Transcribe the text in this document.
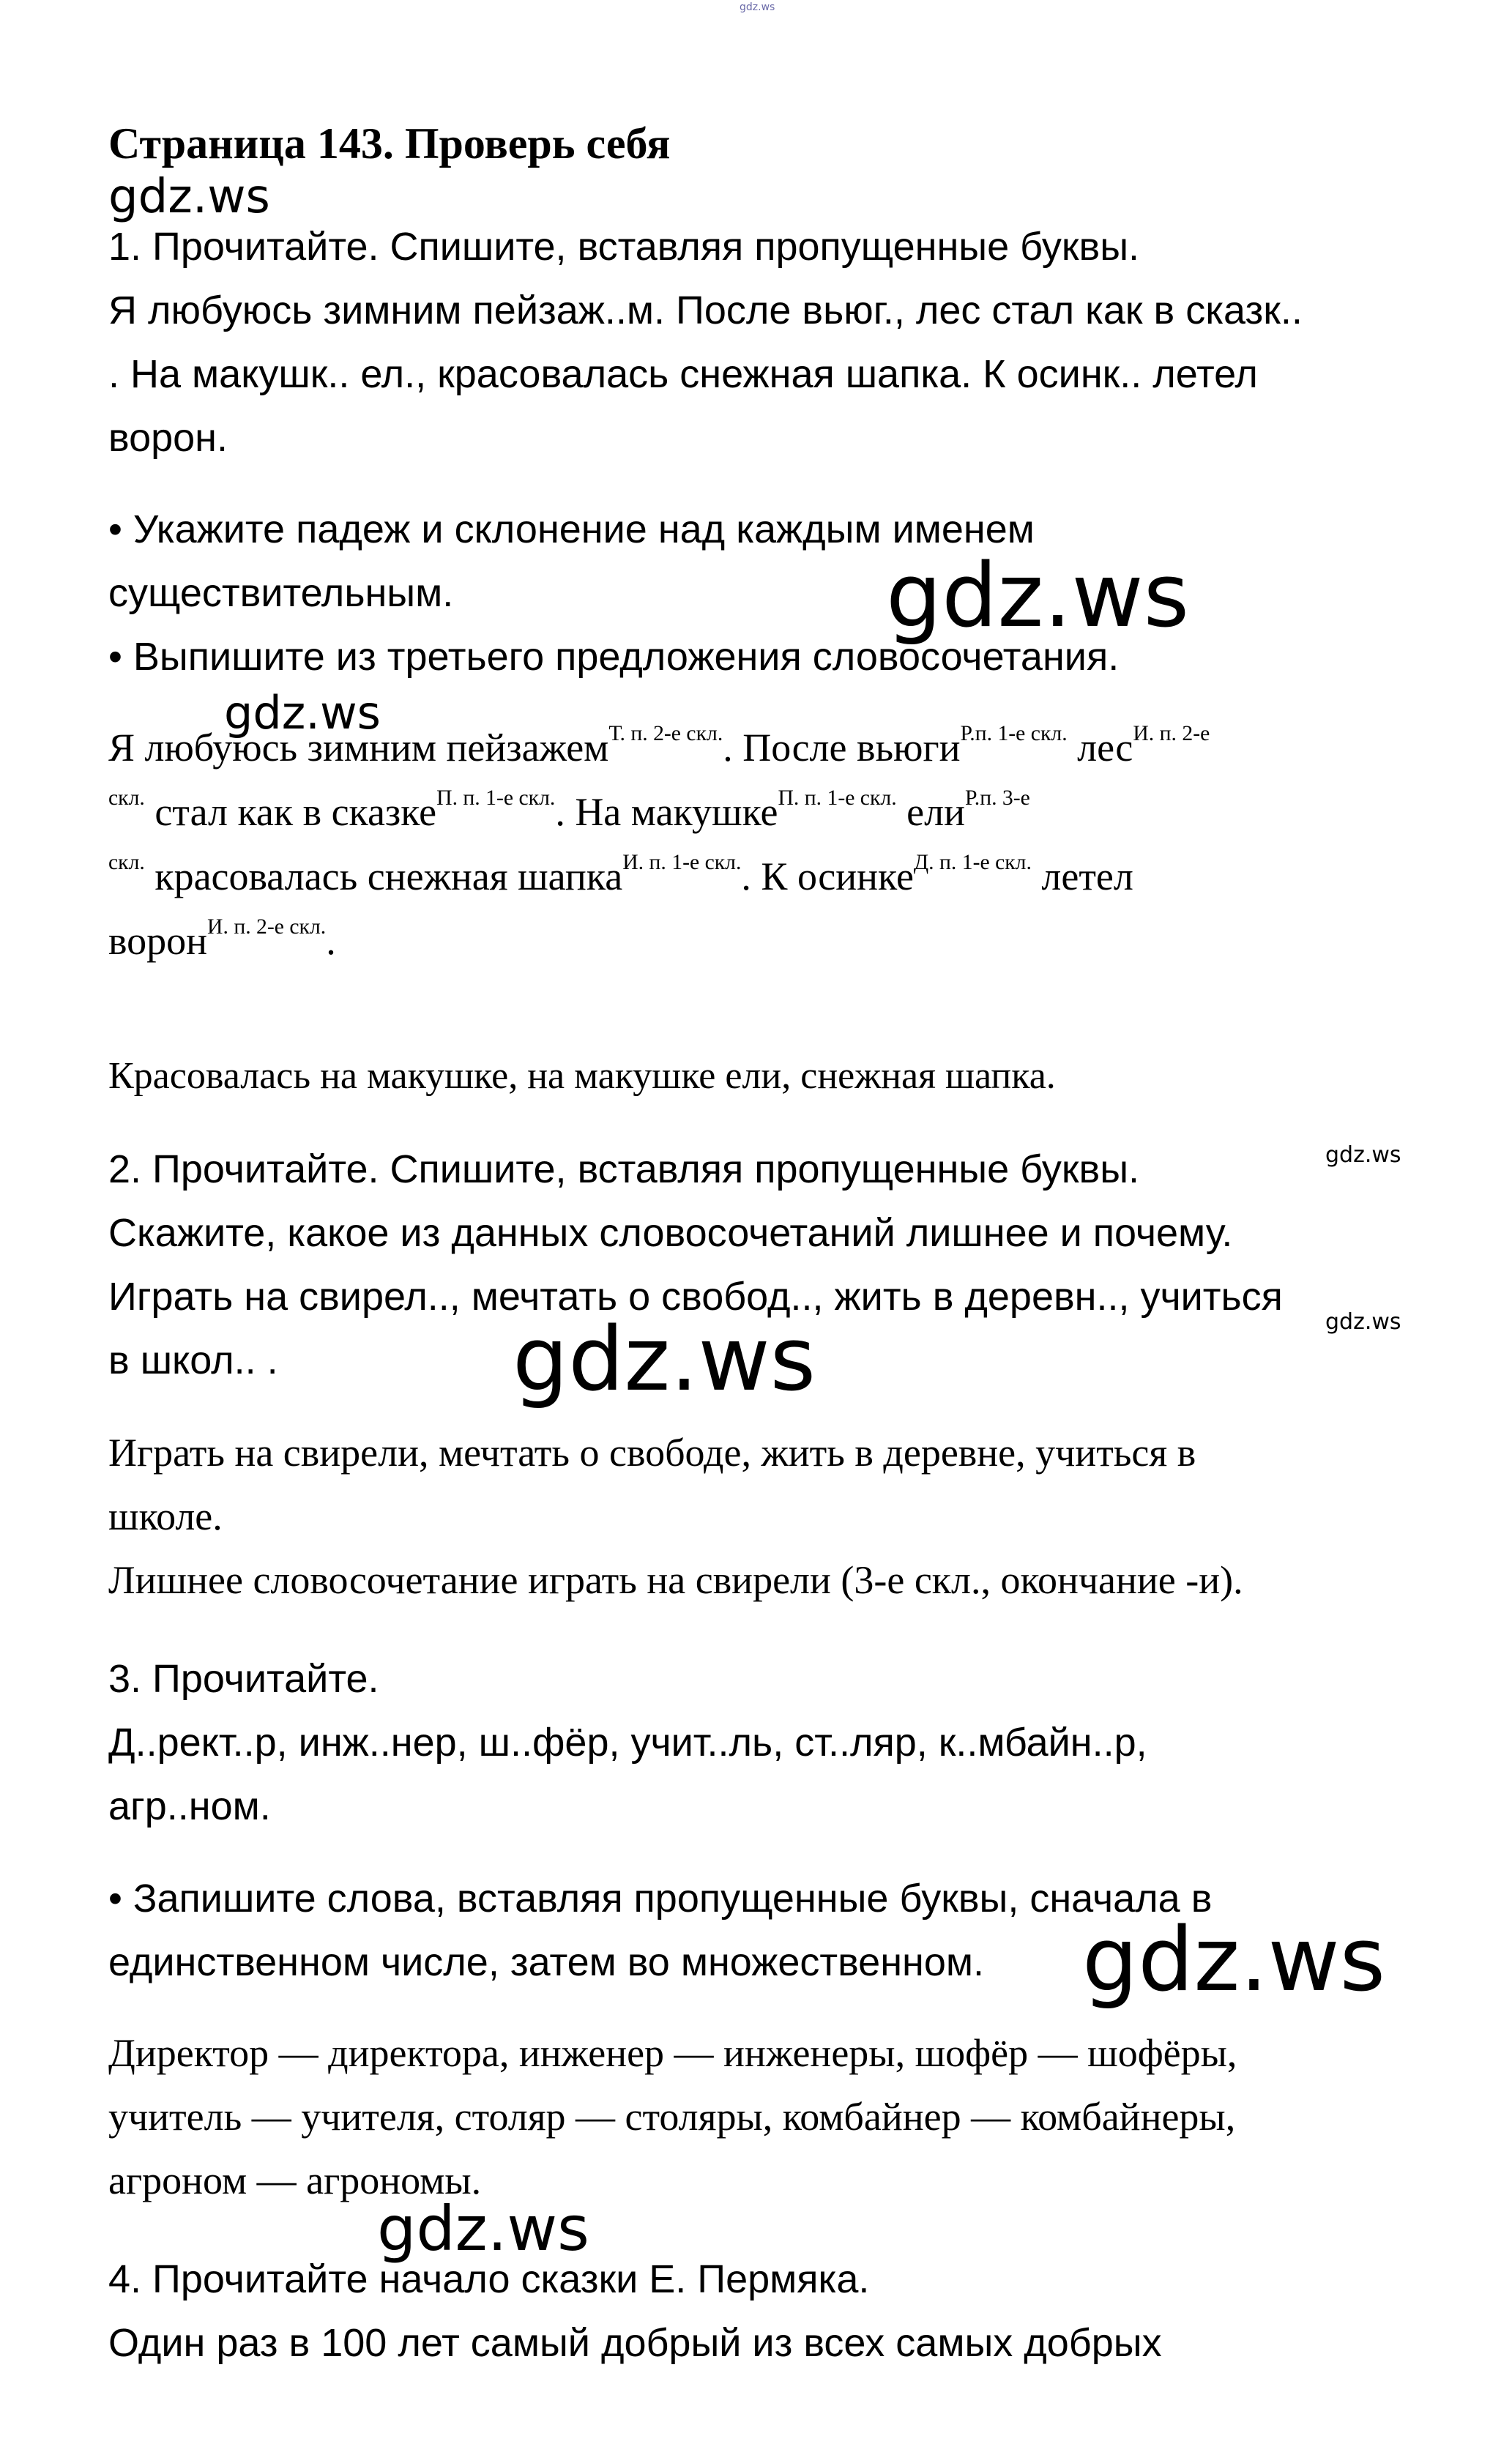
gdz.ws
gdz.ws
gdz.ws
gdz.ws
gdz.ws
gdz.ws
gdz.ws
gdz.ws
gdz.ws
Страница 143. Проверь себя
1. Прочитайте. Спишите, вставляя пропущенные буквы.
Я любуюсь зимним пейзаж..м. После вьюг., лес стал как в сказк..
. На макушк.. ел., красовалась снежная шапка. К осинк.. летел
ворон.
• Укажите падеж и склонение над каждым именем
существительным.
• Выпишите из третьего предложения словосочетания.
Я любуюсь зимним пейзажем$^{Т. п. 2-е скл.}$. После вьюги$^{Р.п. 1-е скл.}$ лес$^{И. п. 2-е}$
$^{скл.}$ стал как в сказке$^{П. п. 1-е скл.}$. На макушке$^{П. п. 1-е скл.}$ ели$^{Р.п. 3-е}$
$^{скл.}$ красовалась снежная шапка$^{И. п. 1-е скл.}$. К осинке$^{Д. п. 1-е скл.}$ летел
ворон$^{И. п. 2-е скл.}$.
Красовалась на макушке, на макушке ели, снежная шапка.
2. Прочитайте. Спишите, вставляя пропущенные буквы.
Скажите, какое из данных словосочетаний лишнее и почему.
Играть на свирел.., мечтать о свобод.., жить в деревн.., учиться
в школ.. .
Играть на свирели, мечтать о свободе, жить в деревне, учиться в
школе.
Лишнее словосочетание играть на свирели (3-е скл., окончание -и).
3. Прочитайте.
Д..рект..р, инж..нер, ш..фёр, учит..ль, ст..ляр, к..мбайн..р,
агр..ном.
• Запишите слова, вставляя пропущенные буквы, сначала в
единственном числе, затем во множественном.
Директор — директора, инженер — инженеры, шофёр — шофёры,
учитель — учителя, столяр — столяры, комбайнер — комбайнеры,
агроном — агрономы.
4. Прочитайте начало сказки Е. Пермяка.
Один раз в 100 лет самый добрый из всех самых добрых
